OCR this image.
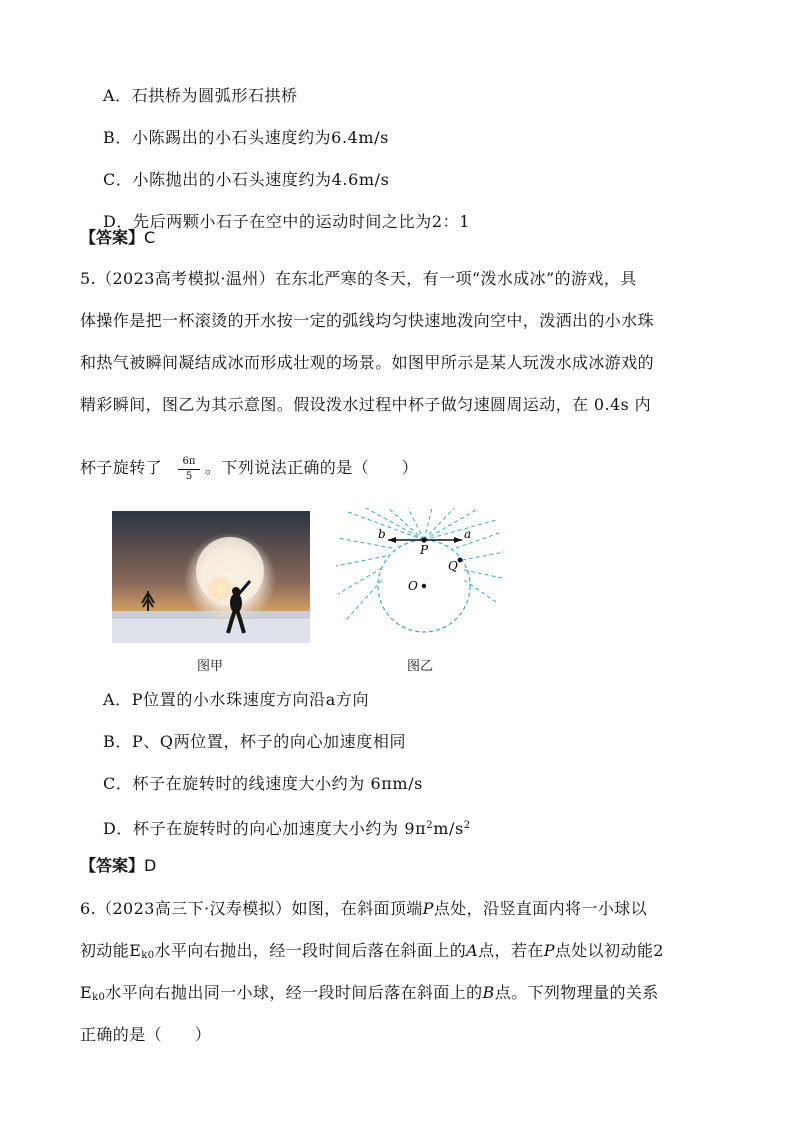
A．石拱桥为圆弧形石拱桥
B．小陈踢出的小石头速度约为6.4m/s
C．小陈抛出的小石头速度约为4.6m/s
D．先后两颗小石子在空中的运动时间之比为2：1
【答案】C
5.（2023高考模拟·温州）在东北严寒的冬天，有一项“泼水成冰”的游戏，具
体操作是把一杯滚烫的开水按一定的弧线均匀快速地泼向空中，泼洒出的小水珠
和热气被瞬间凝结成冰而形成壮观的场景。如图甲所示是某人玩泼水成冰游戏的
精彩瞬间，图乙为其示意图。假设泼水过程中杯子做匀速圆周运动，在 0.4s 内
杯子旋转了 $\frac{6\pi}{5}$ 。下列说法正确的是（　　）
图甲
b	a
P
Q
O
图乙
A．P位置的小水珠速度方向沿a方向
B．P、Q两位置，杯子的向心加速度相同
C．杯子在旋转时的线速度大小约为 6πm/s
D．杯子在旋转时的向心加速度大小约为 $9\pi^2m/s^2$
【答案】D
6.（2023高三下·汉寿模拟）如图，在斜面顶端P点处，沿竖直面内将一小球以
初动能$E_{k0}$水平向右抛出，经一段时间后落在斜面上的A点，若在P点处以初动能2
$E_{k0}$水平向右抛出同一小球，经一段时间后落在斜面上的B点。下列物理量的关系
正确的是（　　）
